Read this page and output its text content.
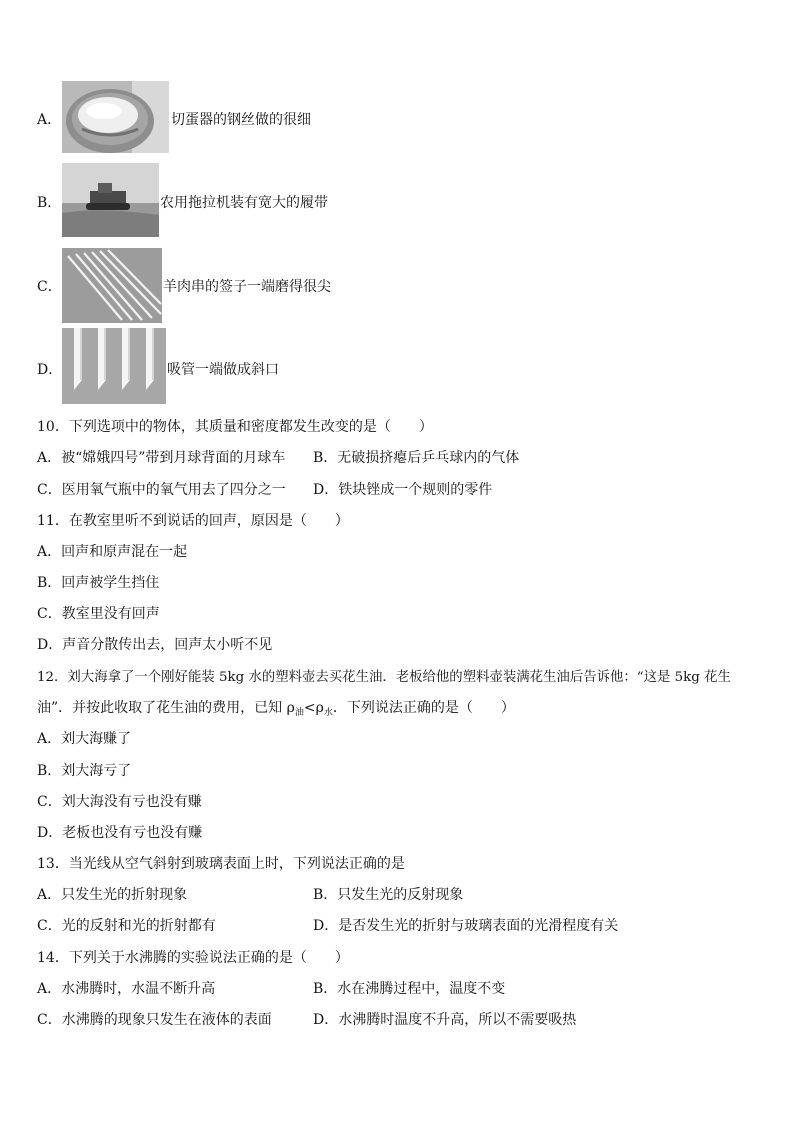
A．	切蛋器的钢丝做的很细
B．	农用拖拉机装有宽大的履带
C．	羊肉串的签子一端磨得很尖
D．	吸管一端做成斜口
10．下列选项中的物体，其质量和密度都发生改变的是（　　）
A．被“嫦娥四号”带到月球背面的月球车 B．无破损挤瘪后乒乓球内的气体
C．医用氧气瓶中的氧气用去了四分之一 D．铁块锉成一个规则的零件
11．在教室里听不到说话的回声，原因是（　　）
A．回声和原声混在一起
B．回声被学生挡住
C．教室里没有回声
D．声音分散传出去，回声太小听不见
12．刘大海拿了一个刚好能装 5kg 水的塑料壶去买花生油．老板给他的塑料壶装满花生油后告诉他：“这是 5kg 花生
油”．并按此收取了花生油的费用，已知 $\rho_油<\rho_水$．下列说法正确的是（　　）
A．刘大海赚了
B．刘大海亏了
C．刘大海没有亏也没有赚
D．老板也没有亏也没有赚
13．当光线从空气斜射到玻璃表面上时，下列说法正确的是
A．只发生光的折射现象	B．只发生光的反射现象
C．光的反射和光的折射都有	D．是否发生光的折射与玻璃表面的光滑程度有关
14．下列关于水沸腾的实验说法正确的是（　　）
A．水沸腾时，水温不断升高	B．水在沸腾过程中，温度不变
C．水沸腾的现象只发生在液体的表面	D．水沸腾时温度不升高，所以不需要吸热
